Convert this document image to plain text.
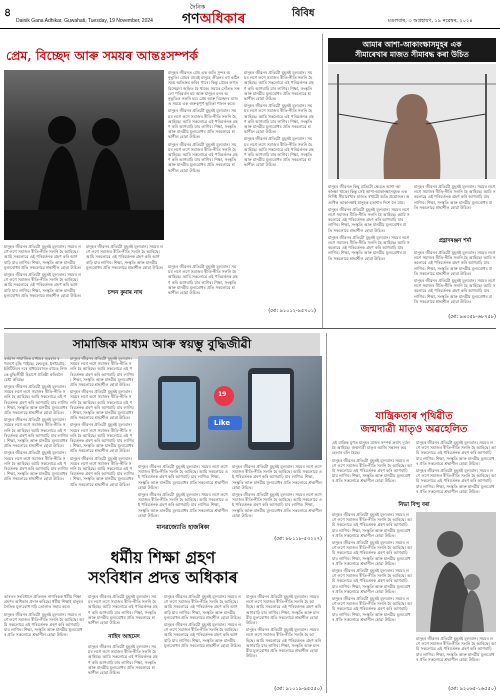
৪
Dainik Gana Adhikar, Guwahati, Tuesday, 19 November, 2024
দৈনিক
গণঅধিকাৰ	বিবিধ
মঙলবাৰ, ৩ অগ্ৰহায়ণ, ১৯ নৱেম্বৰ, ২০২৪
প্ৰেম, বিচ্ছেদ আৰু সময়ৰ আন্তঃসম্পৰ্ক

মানুহৰ জীৱনত প্ৰেম এক অতি সুন্দৰ অনুভূতি। প্ৰেমৰ বাবেই মানুহে জীৱনৰ বহু কঠিন সময় অতিক্ৰম কৰিব পাৰে। কিন্তু প্ৰেমৰ লগত বিচ্ছেদো জড়িত হৈ থাকে। সময়ৰ সোঁতত সকলো পৰিৱৰ্তন হয় আৰু মানুহৰ মনৰ অনুভূতিও সলনি হয়। প্ৰেম আৰু বিচ্ছেদৰ মাজত সময়ে এক গুৰুত্বপূৰ্ণ ভূমিকা পালন কৰে।

মানুহৰ জীৱনৰ প্ৰতিটো মুহূৰ্তই মূল্যবান। সময়ৰ লগে লগে সমাজৰ ৰীতি-নীতি সলনি হৈ আহিছে। আমি সকলোৱে এই পৰিৱৰ্তনক গ্ৰহণ কৰি আগবাঢ়ি যাব লাগিব। শিক্ষা, সংস্কৃতি আৰু মানৱীয় মূল্যবোধৰ প্ৰতি সকলোৱে শ্ৰদ্ধাশীল হোৱা উচিত।

মানুহৰ জীৱনৰ প্ৰতিটো মুহূৰ্তই মূল্যবান। সময়ৰ লগে লগে সমাজৰ ৰীতি-নীতি সলনি হৈ আহিছে। আমি সকলোৱে এই পৰিৱৰ্তনক গ্ৰহণ কৰি আগবাঢ়ি যাব লাগিব। শিক্ষা, সংস্কৃতি আৰু মানৱীয় মূল্যবোধৰ প্ৰতি সকলোৱে শ্ৰদ্ধাশীল হোৱা উচিত।

মানুহৰ জীৱনৰ প্ৰতিটো মুহূৰ্তই মূল্যবান। সময়ৰ লগে লগে সমাজৰ ৰীতি-নীতি সলনি হৈ আহিছে। আমি সকলোৱে এই পৰিৱৰ্তনক গ্ৰহণ কৰি আগবাঢ়ি যাব লাগিব। শিক্ষা, সংস্কৃতি আৰু মানৱীয় মূল্যবোধৰ প্ৰতি সকলোৱে শ্ৰদ্ধাশীল হোৱা উচিত।

মানুহৰ জীৱনৰ প্ৰতিটো মুহূৰ্তই মূল্যবান। সময়ৰ লগে লগে সমাজৰ ৰীতি-নীতি সলনি হৈ আহিছে। আমি সকলোৱে এই পৰিৱৰ্তনক গ্ৰহণ কৰি আগবাঢ়ি যাব লাগিব। শিক্ষা, সংস্কৃতি আৰু মানৱীয় মূল্যবোধৰ প্ৰতি সকলোৱে শ্ৰদ্ধাশীল হোৱা উচিত।

মানুহৰ জীৱনৰ প্ৰতিটো মুহূৰ্তই মূল্যবান। সময়ৰ লগে লগে সমাজৰ ৰীতি-নীতি সলনি হৈ আহিছে। আমি সকলোৱে এই পৰিৱৰ্তনক গ্ৰহণ কৰি আগবাঢ়ি যাব লাগিব। শিক্ষা, সংস্কৃতি আৰু মানৱীয় মূল্যবোধৰ প্ৰতি সকলোৱে শ্ৰদ্ধাশীল হোৱা উচিত।

মানুহৰ জীৱনৰ প্ৰতিটো মুহূৰ্তই মূল্যবান। সময়ৰ লগে লগে সমাজৰ ৰীতি-নীতি সলনি হৈ আহিছে। আমি সকলোৱে এই পৰিৱৰ্তনক গ্ৰহণ কৰি আগবাঢ়ি যাব লাগিব। শিক্ষা, সংস্কৃতি আৰু মানৱীয় মূল্যবোধৰ প্ৰতি সকলোৱে শ্ৰদ্ধাশীল হোৱা উচিত।

মানুহৰ জীৱনৰ প্ৰতিটো মুহূৰ্তই মূল্যবান। সময়ৰ লগে লগে সমাজৰ ৰীতি-নীতি সলনি হৈ আহিছে। আমি সকলোৱে এই পৰিৱৰ্তনক গ্ৰহণ কৰি আগবাঢ়ি যাব লাগিব। শিক্ষা, সংস্কৃতি আৰু মানৱীয় মূল্যবোধৰ প্ৰতি সকলোৱে শ্ৰদ্ধাশীল হোৱা উচিত।

মানুহৰ জীৱনৰ প্ৰতিটো মুহূৰ্তই মূল্যবান। সময়ৰ লগে লগে সমাজৰ ৰীতি-নীতি সলনি হৈ আহিছে। আমি সকলোৱে এই পৰিৱৰ্তনক গ্ৰহণ কৰি আগবাঢ়ি যাব লাগিব। শিক্ষা, সংস্কৃতি আৰু মানৱীয় মূল্যবোধৰ প্ৰতি সকলোৱে শ্ৰদ্ধাশীল হোৱা উচিত।

চন্দন কুমাৰ নাথ

মানুহৰ জীৱনৰ প্ৰতিটো মুহূৰ্তই মূল্যবান। সময়ৰ লগে লগে সমাজৰ ৰীতি-নীতি সলনি হৈ আহিছে। আমি সকলোৱে এই পৰিৱৰ্তনক গ্ৰহণ কৰি আগবাঢ়ি যাব লাগিব। শিক্ষা, সংস্কৃতি আৰু মানৱীয় মূল্যবোধৰ প্ৰতি সকলোৱে শ্ৰদ্ধাশীল হোৱা উচিত।

(মো: ৯১০১২-৯৫৭০১)
আমাৰ আশা-আকাংক্ষাসমূহৰ এক
সীমাৰেখাৰ মাজত সীমাবদ্ধ কৰা উচিত

মানুহৰ জীৱনত কিছু প্ৰতিটো ক্ষেত্ৰত আশা-আকাংক্ষা থাকে। কিন্তু সেই আশা-আকাংক্ষাসমূহক এক নিৰ্দিষ্ট সীমাৰেখাৰ মাজত ৰখাটো অতি প্ৰয়োজন। অত্যধিক আকাংক্ষাই মানুহক হতাশাৰ দিশে লৈ যায়।

মানুহৰ জীৱনৰ প্ৰতিটো মুহূৰ্তই মূল্যবান। সময়ৰ লগে লগে সমাজৰ ৰীতি-নীতি সলনি হৈ আহিছে। আমি সকলোৱে এই পৰিৱৰ্তনক গ্ৰহণ কৰি আগবাঢ়ি যাব লাগিব। শিক্ষা, সংস্কৃতি আৰু মানৱীয় মূল্যবোধৰ প্ৰতি সকলোৱে শ্ৰদ্ধাশীল হোৱা উচিত।

মানুহৰ জীৱনৰ প্ৰতিটো মুহূৰ্তই মূল্যবান। সময়ৰ লগে লগে সমাজৰ ৰীতি-নীতি সলনি হৈ আহিছে। আমি সকলোৱে এই পৰিৱৰ্তনক গ্ৰহণ কৰি আগবাঢ়ি যাব লাগিব। শিক্ষা, সংস্কৃতি আৰু মানৱীয় মূল্যবোধৰ প্ৰতি সকলোৱে শ্ৰদ্ধাশীল হোৱা উচিত।

মানুহৰ জীৱনৰ প্ৰতিটো মুহূৰ্তই মূল্যবান। সময়ৰ লগে লগে সমাজৰ ৰীতি-নীতি সলনি হৈ আহিছে। আমি সকলোৱে এই পৰিৱৰ্তনক গ্ৰহণ কৰি আগবাঢ়ি যাব লাগিব। শিক্ষা, সংস্কৃতি আৰু মানৱীয় মূল্যবোধৰ প্ৰতি সকলোৱে শ্ৰদ্ধাশীল হোৱা উচিত।

প্ৰহ্লাদৰঞ্জন শৰ্মা

মানুহৰ জীৱনৰ প্ৰতিটো মুহূৰ্তই মূল্যবান। সময়ৰ লগে লগে সমাজৰ ৰীতি-নীতি সলনি হৈ আহিছে। আমি সকলোৱে এই পৰিৱৰ্তনক গ্ৰহণ কৰি আগবাঢ়ি যাব লাগিব। শিক্ষা, সংস্কৃতি আৰু মানৱীয় মূল্যবোধৰ প্ৰতি সকলোৱে শ্ৰদ্ধাশীল হোৱা উচিত।

মানুহৰ জীৱনৰ প্ৰতিটো মুহূৰ্তই মূল্যবান। সময়ৰ লগে লগে সমাজৰ ৰীতি-নীতি সলনি হৈ আহিছে। আমি সকলোৱে এই পৰিৱৰ্তনক গ্ৰহণ কৰি আগবাঢ়ি যাব লাগিব। শিক্ষা, সংস্কৃতি আৰু মানৱীয় মূল্যবোধৰ প্ৰতি সকলোৱে শ্ৰদ্ধাশীল হোৱা উচিত।

(মো: ৯৪৩৫৮-৬৮৭৫৮)
সামাজিক মাধ্যম আৰু স্বয়ম্ভু বুদ্ধিজীৱী
19
Like

বৰ্তমান সামাজিক মাধ্যমৰ ব্যৱহাৰ বহুগুণে বৃদ্ধি পাইছে। ফেচবুক, ইনষ্টাগ্ৰাম, ইউটিউবৰ দৰে মাধ্যমবোৰত বহুতে নিজকে বুদ্ধিজীৱী হিচাপে প্ৰতিষ্ঠা কৰিবলৈ চেষ্টা কৰিছে।

মানুহৰ জীৱনৰ প্ৰতিটো মুহূৰ্তই মূল্যবান। সময়ৰ লগে লগে সমাজৰ ৰীতি-নীতি সলনি হৈ আহিছে। আমি সকলোৱে এই পৰিৱৰ্তনক গ্ৰহণ কৰি আগবাঢ়ি যাব লাগিব। শিক্ষা, সংস্কৃতি আৰু মানৱীয় মূল্যবোধৰ প্ৰতি সকলোৱে শ্ৰদ্ধাশীল হোৱা উচিত।

মানুহৰ জীৱনৰ প্ৰতিটো মুহূৰ্তই মূল্যবান। সময়ৰ লগে লগে সমাজৰ ৰীতি-নীতি সলনি হৈ আহিছে। আমি সকলোৱে এই পৰিৱৰ্তনক গ্ৰহণ কৰি আগবাঢ়ি যাব লাগিব। শিক্ষা, সংস্কৃতি আৰু মানৱীয় মূল্যবোধৰ প্ৰতি সকলোৱে শ্ৰদ্ধাশীল হোৱা উচিত।

মানুহৰ জীৱনৰ প্ৰতিটো মুহূৰ্তই মূল্যবান। সময়ৰ লগে লগে সমাজৰ ৰীতি-নীতি সলনি হৈ আহিছে। আমি সকলোৱে এই পৰিৱৰ্তনক গ্ৰহণ কৰি আগবাঢ়ি যাব লাগিব। শিক্ষা, সংস্কৃতি আৰু মানৱীয় মূল্যবোধৰ প্ৰতি সকলোৱে শ্ৰদ্ধাশীল হোৱা উচিত।

মানুহৰ জীৱনৰ প্ৰতিটো মুহূৰ্তই মূল্যবান। সময়ৰ লগে লগে সমাজৰ ৰীতি-নীতি সলনি হৈ আহিছে। আমি সকলোৱে এই পৰিৱৰ্তনক গ্ৰহণ কৰি আগবাঢ়ি যাব লাগিব। শিক্ষা, সংস্কৃতি আৰু মানৱীয় মূল্যবোধৰ প্ৰতি সকলোৱে শ্ৰদ্ধাশীল হোৱা উচিত।

মানুহৰ জীৱনৰ প্ৰতিটো মুহূৰ্তই মূল্যবান। সময়ৰ লগে লগে সমাজৰ ৰীতি-নীতি সলনি হৈ আহিছে। আমি সকলোৱে এই পৰিৱৰ্তনক গ্ৰহণ কৰি আগবাঢ়ি যাব লাগিব। শিক্ষা, সংস্কৃতি আৰু মানৱীয় মূল্যবোধৰ প্ৰতি সকলোৱে শ্ৰদ্ধাশীল হোৱা উচিত।

মানুহৰ জীৱনৰ প্ৰতিটো মুহূৰ্তই মূল্যবান। সময়ৰ লগে লগে সমাজৰ ৰীতি-নীতি সলনি হৈ আহিছে। আমি সকলোৱে এই পৰিৱৰ্তনক গ্ৰহণ কৰি আগবাঢ়ি যাব লাগিব। শিক্ষা, সংস্কৃতি আৰু মানৱীয় মূল্যবোধৰ প্ৰতি সকলোৱে শ্ৰদ্ধাশীল হোৱা উচিত।

মানুহৰ জীৱনৰ প্ৰতিটো মুহূৰ্তই মূল্যবান। সময়ৰ লগে লগে সমাজৰ ৰীতি-নীতি সলনি হৈ আহিছে। আমি সকলোৱে এই পৰিৱৰ্তনক গ্ৰহণ কৰি আগবাঢ়ি যাব লাগিব। শিক্ষা, সংস্কৃতি আৰু মানৱীয় মূল্যবোধৰ প্ৰতি সকলোৱে শ্ৰদ্ধাশীল হোৱা উচিত।

মানুহৰ জীৱনৰ প্ৰতিটো মুহূৰ্তই মূল্যবান। সময়ৰ লগে লগে সমাজৰ ৰীতি-নীতি সলনি হৈ আহিছে। আমি সকলোৱে এই পৰিৱৰ্তনক গ্ৰহণ কৰি আগবাঢ়ি যাব লাগিব। শিক্ষা, সংস্কৃতি আৰু মানৱীয় মূল্যবোধৰ প্ৰতি সকলোৱে শ্ৰদ্ধাশীল হোৱা উচিত।

মানুহৰ জীৱনৰ প্ৰতিটো মুহূৰ্তই মূল্যবান। সময়ৰ লগে লগে সমাজৰ ৰীতি-নীতি সলনি হৈ আহিছে। আমি সকলোৱে এই পৰিৱৰ্তনক গ্ৰহণ কৰি আগবাঢ়ি যাব লাগিব। শিক্ষা, সংস্কৃতি আৰু মানৱীয় মূল্যবোধৰ প্ৰতি সকলোৱে শ্ৰদ্ধাশীল হোৱা উচিত।

মানুহৰ জীৱনৰ প্ৰতিটো মুহূৰ্তই মূল্যবান। সময়ৰ লগে লগে সমাজৰ ৰীতি-নীতি সলনি হৈ আহিছে। আমি সকলোৱে এই পৰিৱৰ্তনক গ্ৰহণ কৰি আগবাঢ়ি যাব লাগিব। শিক্ষা, সংস্কৃতি আৰু মানৱীয় মূল্যবোধৰ প্ৰতি সকলোৱে শ্ৰদ্ধাশীল হোৱা উচিত।

মানুহৰ জীৱনৰ প্ৰতিটো মুহূৰ্তই মূল্যবান। সময়ৰ লগে লগে সমাজৰ ৰীতি-নীতি সলনি হৈ আহিছে। আমি সকলোৱে এই পৰিৱৰ্তনক গ্ৰহণ কৰি আগবাঢ়ি যাব লাগিব। শিক্ষা, সংস্কৃতি আৰু মানৱীয় মূল্যবোধৰ প্ৰতি সকলোৱে শ্ৰদ্ধাশীল হোৱা উচিত।

মানৱজ্যোতি হাজৰিকা
(মো: ৮৮১১৮-৫৩২২৭)
যান্ত্ৰিকতাৰ পৃথিৱীত
জন্মদাত্ৰী মাতৃও অৱহেলিত

এই যান্ত্ৰিক যুগত মানুহৰ মাজৰ সম্পৰ্ক ক্ৰমাৎ দুৰ্বল হৈ আহিছে। জন্মদাত্ৰী মাতৃও আজি সন্তানৰ অৱহেলাৰ বলি হৈছে।

মানুহৰ জীৱনৰ প্ৰতিটো মুহূৰ্তই মূল্যবান। সময়ৰ লগে লগে সমাজৰ ৰীতি-নীতি সলনি হৈ আহিছে। আমি সকলোৱে এই পৰিৱৰ্তনক গ্ৰহণ কৰি আগবাঢ়ি যাব লাগিব। শিক্ষা, সংস্কৃতি আৰু মানৱীয় মূল্যবোধৰ প্ৰতি সকলোৱে শ্ৰদ্ধাশীল হোৱা উচিত।

মানুহৰ জীৱনৰ প্ৰতিটো মুহূৰ্তই মূল্যবান। সময়ৰ লগে লগে সমাজৰ ৰীতি-নীতি সলনি হৈ আহিছে। আমি সকলোৱে এই পৰিৱৰ্তনক গ্ৰহণ কৰি আগবাঢ়ি যাব লাগিব। শিক্ষা, সংস্কৃতি আৰু মানৱীয় মূল্যবোধৰ প্ৰতি সকলোৱে শ্ৰদ্ধাশীল হোৱা উচিত।

মানুহৰ জীৱনৰ প্ৰতিটো মুহূৰ্তই মূল্যবান। সময়ৰ লগে লগে সমাজৰ ৰীতি-নীতি সলনি হৈ আহিছে। আমি সকলোৱে এই পৰিৱৰ্তনক গ্ৰহণ কৰি আগবাঢ়ি যাব লাগিব। শিক্ষা, সংস্কৃতি আৰু মানৱীয় মূল্যবোধৰ প্ৰতি সকলোৱে শ্ৰদ্ধাশীল হোৱা উচিত।

নিভা বিন্দু বৰা

মানুহৰ জীৱনৰ প্ৰতিটো মুহূৰ্তই মূল্যবান। সময়ৰ লগে লগে সমাজৰ ৰীতি-নীতি সলনি হৈ আহিছে। আমি সকলোৱে এই পৰিৱৰ্তনক গ্ৰহণ কৰি আগবাঢ়ি যাব লাগিব। শিক্ষা, সংস্কৃতি আৰু মানৱীয় মূল্যবোধৰ প্ৰতি সকলোৱে শ্ৰদ্ধাশীল হোৱা উচিত।

মানুহৰ জীৱনৰ প্ৰতিটো মুহূৰ্তই মূল্যবান। সময়ৰ লগে লগে সমাজৰ ৰীতি-নীতি সলনি হৈ আহিছে। আমি সকলোৱে এই পৰিৱৰ্তনক গ্ৰহণ কৰি আগবাঢ়ি যাব লাগিব। শিক্ষা, সংস্কৃতি আৰু মানৱীয় মূল্যবোধৰ প্ৰতি সকলোৱে শ্ৰদ্ধাশীল হোৱা উচিত।

মানুহৰ জীৱনৰ প্ৰতিটো মুহূৰ্তই মূল্যবান। সময়ৰ লগে লগে সমাজৰ ৰীতি-নীতি সলনি হৈ আহিছে। আমি সকলোৱে এই পৰিৱৰ্তনক গ্ৰহণ কৰি আগবাঢ়ি যাব লাগিব। শিক্ষা, সংস্কৃতি আৰু মানৱীয় মূল্যবোধৰ প্ৰতি সকলোৱে শ্ৰদ্ধাশীল হোৱা উচিত।

মানুহৰ জীৱনৰ প্ৰতিটো মুহূৰ্তই মূল্যবান। সময়ৰ লগে লগে সমাজৰ ৰীতি-নীতি সলনি হৈ আহিছে। আমি সকলোৱে এই পৰিৱৰ্তনক গ্ৰহণ কৰি আগবাঢ়ি যাব লাগিব। শিক্ষা, সংস্কৃতি আৰু মানৱীয় মূল্যবোধৰ প্ৰতি সকলোৱে শ্ৰদ্ধাশীল হোৱা উচিত।

মানুহৰ জীৱনৰ প্ৰতিটো মুহূৰ্তই মূল্যবান। সময়ৰ লগে লগে সমাজৰ ৰীতি-নীতি সলনি হৈ আহিছে। আমি সকলোৱে এই পৰিৱৰ্তনক গ্ৰহণ কৰি আগবাঢ়ি যাব লাগিব। শিক্ষা, সংস্কৃতি আৰু মানৱীয় মূল্যবোধৰ প্ৰতি সকলোৱে শ্ৰদ্ধাশীল হোৱা উচিত।

(মো: ৯২০৬৫-১৬৫৫০)
ধৰ্মীয় শিক্ষা গ্ৰহণ
সংবিধান প্ৰদত্ত অধিকাৰ

ভাৰতৰ সংবিধানে প্ৰতিজন নাগৰিকক ধৰ্মীয় শিক্ষা গ্ৰহণৰ অধিকাৰ প্ৰদান কৰিছে। ধৰ্মীয় শিক্ষাই মানুহৰ নৈতিক মূল্যবোধ গঢ়ি তোলাত সহায় কৰে।

মানুহৰ জীৱনৰ প্ৰতিটো মুহূৰ্তই মূল্যবান। সময়ৰ লগে লগে সমাজৰ ৰীতি-নীতি সলনি হৈ আহিছে। আমি সকলোৱে এই পৰিৱৰ্তনক গ্ৰহণ কৰি আগবাঢ়ি যাব লাগিব। শিক্ষা, সংস্কৃতি আৰু মানৱীয় মূল্যবোধৰ প্ৰতি সকলোৱে শ্ৰদ্ধাশীল হোৱা উচিত।	নাহিদ আহমেদ

মানুহৰ জীৱনৰ প্ৰতিটো মুহূৰ্তই মূল্যবান। সময়ৰ লগে লগে সমাজৰ ৰীতি-নীতি সলনি হৈ আহিছে। আমি সকলোৱে এই পৰিৱৰ্তনক গ্ৰহণ কৰি আগবাঢ়ি যাব লাগিব। শিক্ষা, সংস্কৃতি আৰু মানৱীয় মূল্যবোধৰ প্ৰতি সকলোৱে শ্ৰদ্ধাশীল হোৱা উচিত।

মানুহৰ জীৱনৰ প্ৰতিটো মুহূৰ্তই মূল্যবান। সময়ৰ লগে লগে সমাজৰ ৰীতি-নীতি সলনি হৈ আহিছে। আমি সকলোৱে এই পৰিৱৰ্তনক গ্ৰহণ কৰি আগবাঢ়ি যাব লাগিব। শিক্ষা, সংস্কৃতি আৰু মানৱীয় মূল্যবোধৰ প্ৰতি সকলোৱে শ্ৰদ্ধাশীল হোৱা উচিত।

মানুহৰ জীৱনৰ প্ৰতিটো মুহূৰ্তই মূল্যবান। সময়ৰ লগে লগে সমাজৰ ৰীতি-নীতি সলনি হৈ আহিছে। আমি সকলোৱে এই পৰিৱৰ্তনক গ্ৰহণ কৰি আগবাঢ়ি যাব লাগিব। শিক্ষা, সংস্কৃতি আৰু মানৱীয় মূল্যবোধৰ প্ৰতি সকলোৱে শ্ৰদ্ধাশীল হোৱা উচিত।

মানুহৰ জীৱনৰ প্ৰতিটো মুহূৰ্তই মূল্যবান। সময়ৰ লগে লগে সমাজৰ ৰীতি-নীতি সলনি হৈ আহিছে। আমি সকলোৱে এই পৰিৱৰ্তনক গ্ৰহণ কৰি আগবাঢ়ি যাব লাগিব। শিক্ষা, সংস্কৃতি আৰু মানৱীয় মূল্যবোধৰ প্ৰতি সকলোৱে শ্ৰদ্ধাশীল হোৱা উচিত।

মানুহৰ জীৱনৰ প্ৰতিটো মুহূৰ্তই মূল্যবান। সময়ৰ লগে লগে সমাজৰ ৰীতি-নীতি সলনি হৈ আহিছে। আমি সকলোৱে এই পৰিৱৰ্তনক গ্ৰহণ কৰি আগবাঢ়ি যাব লাগিব। শিক্ষা, সংস্কৃতি আৰু মানৱীয় মূল্যবোধৰ প্ৰতি সকলোৱে শ্ৰদ্ধাশীল হোৱা উচিত।

মানুহৰ জীৱনৰ প্ৰতিটো মুহূৰ্তই মূল্যবান। সময়ৰ লগে লগে সমাজৰ ৰীতি-নীতি সলনি হৈ আহিছে। আমি সকলোৱে এই পৰিৱৰ্তনক গ্ৰহণ কৰি আগবাঢ়ি যাব লাগিব। শিক্ষা, সংস্কৃতি আৰু মানৱীয় মূল্যবোধৰ প্ৰতি সকলোৱে শ্ৰদ্ধাশীল হোৱা উচিত।

(মো: ৯১০১৯-৯৫৫৫০)
